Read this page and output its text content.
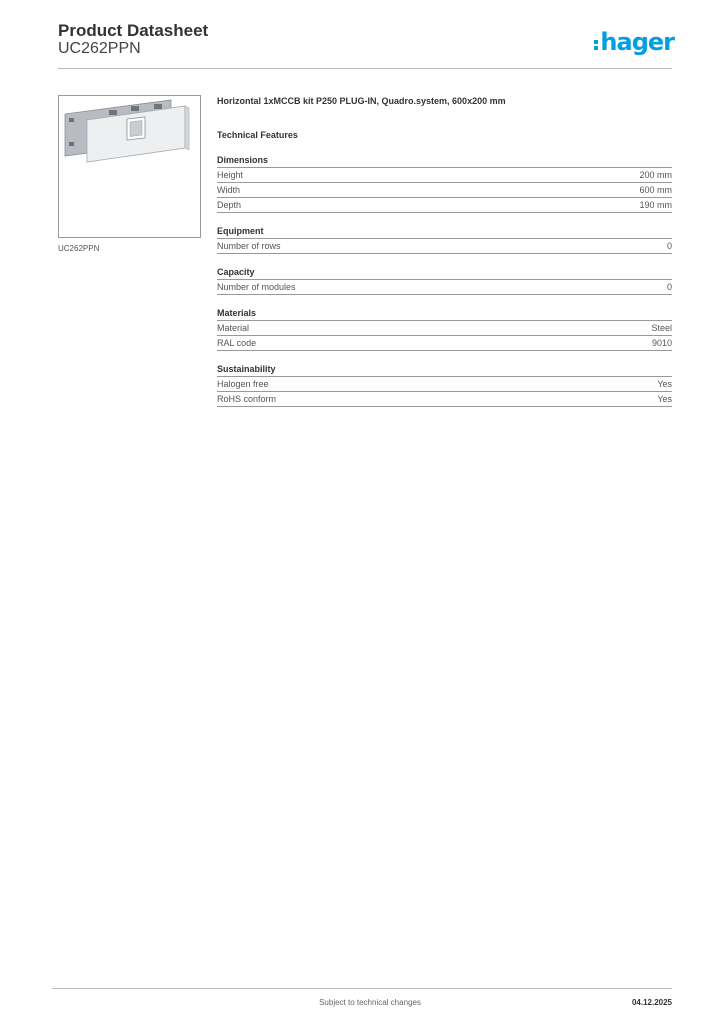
Product Datasheet
UC262PPN	hager
UC262PPN

Horizontal 1xMCCB kit P250 PLUG-IN, Quadro.system, 600x200 mm

Technical Features
Dimensions
Height	200 mm
Width	600 mm
Depth	190 mm
Equipment
Number of rows	0
Capacity
Number of modules	0
Materials
Material	Steel
RAL code	9010
Sustainability
Halogen free	Yes
RoHS conform	Yes
Subject to technical changes	04.12.2025
